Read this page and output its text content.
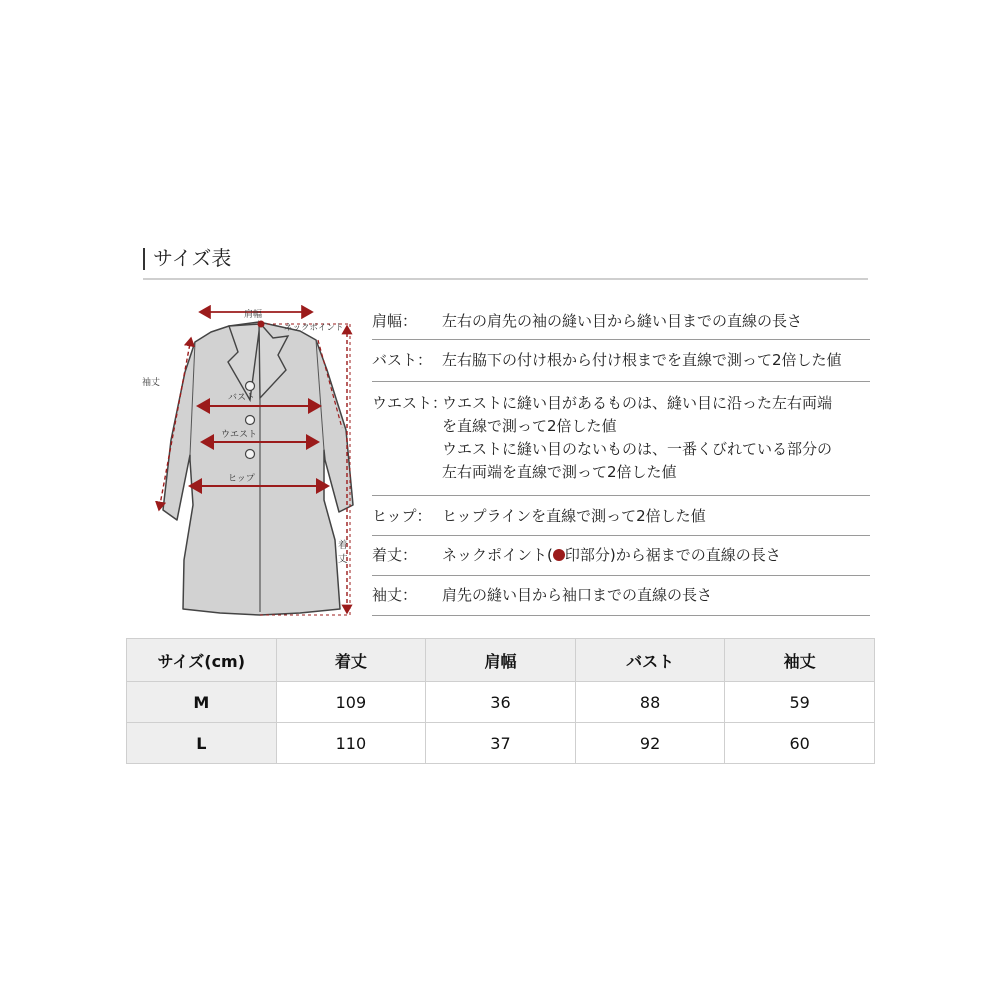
サイズ表
肩幅
ネックポイント
袖丈
バスト
ウエスト
ヒップ
着
丈
肩幅：	左右の肩先の袖の縫い目から縫い目までの直線の長さ
バスト： 左右脇下の付け根から付け根までを直線で測って2倍した値
ウエスト：
ウエストに縫い目があるものは、縫い目に沿った左右両端
を直線で測って2倍した値
ウエストに縫い目のないものは、一番くびれている部分の
左右両端を直線で測って2倍した値
ヒップ： ヒップラインを直線で測って2倍した値
着丈：	ネックポイント( 印部分)から裾までの直線の長さ
袖丈：	肩先の縫い目から袖口までの直線の長さ
サイズ(cm)	着丈	肩幅	バスト	袖丈
M	109	36	88	59
L	110	37	92	60
